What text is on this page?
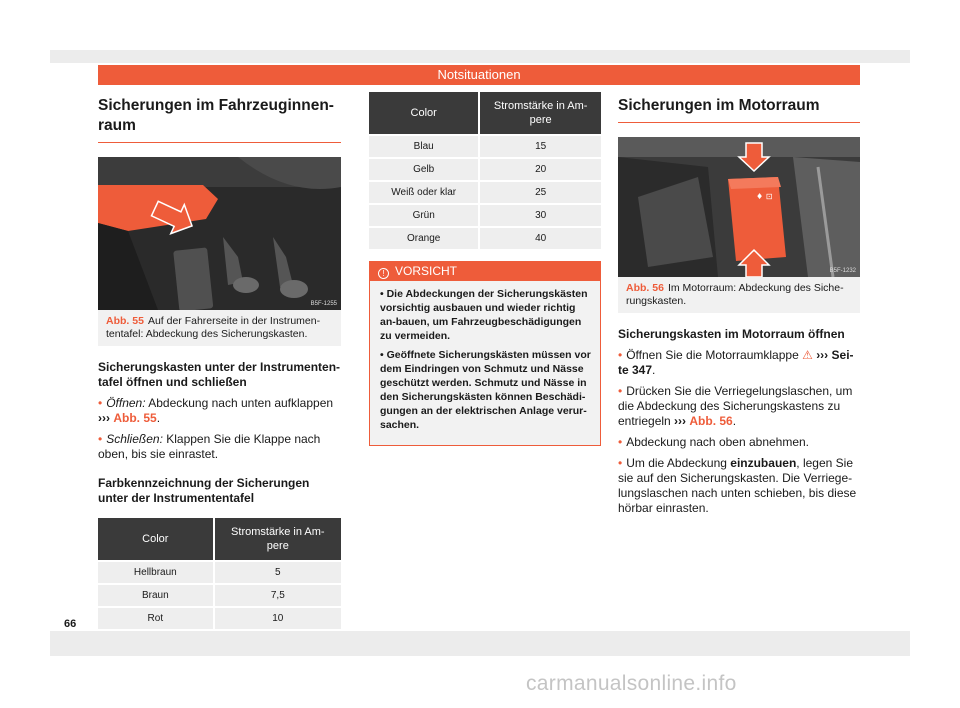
Notsituationen
Sicherungen im Fahrzeuginnen-raum
B5F-1255
Abb. 55 Auf der Fahrerseite in der Instrumen-tentafel: Abdeckung des Sicherungskasten.
Sicherungskasten unter der Instrumenten-tafel öffnen und schließen

• Öffnen: Abdeckung nach unten aufklappen ››› Abb. 55.

• Schließen: Klappen Sie die Klappe nach oben, bis sie einrastet.

Farbkennzeichnung der Sicherungen unter der Instrumententafel
Color	Stromstärke in Am-pere
Hellbraun	5
Braun	7,5
Rot	10
Color	Stromstärke in Am-pere
Blau	15
Gelb	20
Weiß oder klar	25
Grün	30
Orange	40
! VORSICHT

• Die Abdeckungen der Sicherungskästen vorsichtig ausbauen und wieder richtig an-bauen, um Fahrzeugbeschädigungen zu vermeiden.

• Geöffnete Sicherungskästen müssen vor dem Eindringen von Schmutz und Nässe geschützt werden. Schmutz und Nässe in den Sicherungskästen können Beschädi-gungen an der elektrischen Anlage verur-sachen.

Sicherungen im Motorraum
♦ ⊡
B5F-1232
Abb. 56 Im Motorraum: Abdeckung des Siche-rungskasten.
Sicherungskasten im Motorraum öffnen

• Öffnen Sie die Motorraumklappe ⚠ ››› Sei-te 347.

• Drücken Sie die Verriegelungslaschen, um die Abdeckung des Sicherungskastens zu entriegeln ››› Abb. 56.

• Abdeckung nach oben abnehmen.

• Um die Abdeckung einzubauen, legen Sie sie auf den Sicherungskasten. Die Verriege-lungslaschen nach unten schieben, bis diese hörbar einrasten.

66
carmanualsonline.info
